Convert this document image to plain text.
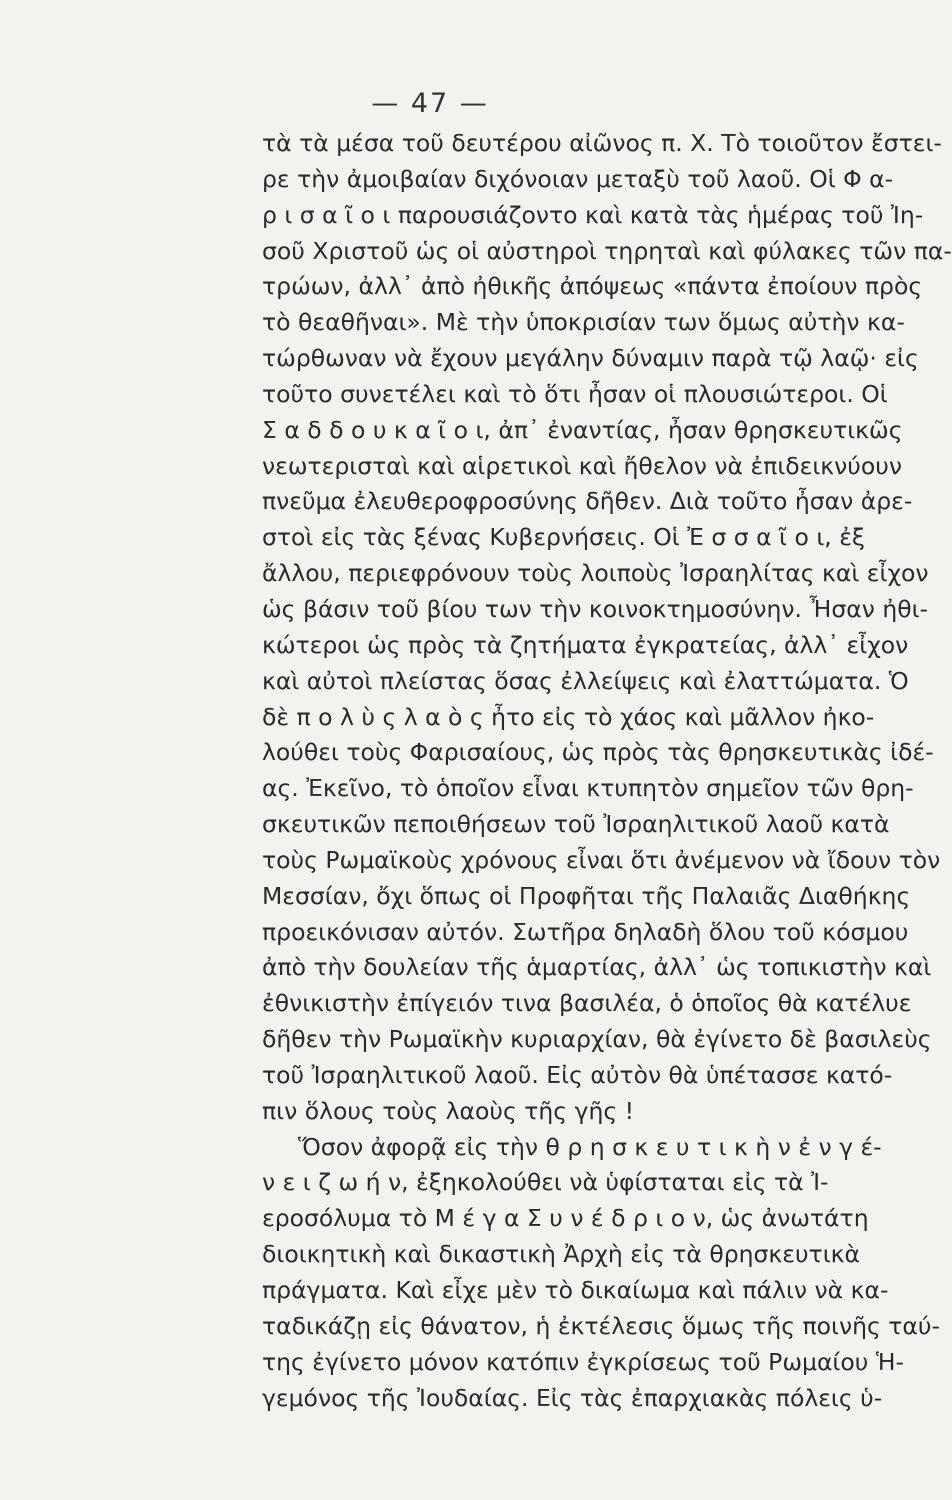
— 47 —
τὰ τὰ μέσα τοῦ δευτέρου αἰῶνος π. Χ. Τὸ τοιοῦτον ἔστει-
ρε τὴν ἀμοιβαίαν διχόνοιαν μεταξὺ τοῦ λαοῦ. Οἱ Φ α-
ρ ι σ α ῖ ο ι παρουσιάζοντο καὶ κατὰ τὰς ἡμέρας τοῦ Ἰη-
σοῦ Χριστοῦ ὡς οἱ αὐστηροὶ τηρηταὶ καὶ φύλακες τῶν πα-
τρώων, ἀλλ᾽ ἀπὸ ἠθικῆς ἀπόψεως «πάντα ἐποίουν πρὸς
τὸ θεαθῆναι». Μὲ τὴν ὑποκρισίαν των ὅμως αὐτὴν κα-
τώρθωναν νὰ ἔχουν μεγάλην δύναμιν παρὰ τῷ λαῷ· εἰς
τοῦτο συνετέλει καὶ τὸ ὅτι ἦσαν οἱ πλουσιώτεροι. Οἱ
Σ α δ δ ο υ κ α ῖ ο ι, ἀπ᾽ ἐναντίας, ἦσαν θρησκευτικῶς
νεωτερισταὶ καὶ αἱρετικοὶ καὶ ἤθελον νὰ ἐπιδεικνύουν
πνεῦμα ἐλευθεροφροσύνης δῆθεν. Διὰ τοῦτο ἦσαν ἀρε-
στοὶ εἰς τὰς ξένας Κυβερνήσεις. Οἱ Ἐ σ σ α ῖ ο ι, ἐξ
ἄλλου, περιεφρόνουν τοὺς λοιποὺς Ἰσραηλίτας καὶ εἶχον
ὡς βάσιν τοῦ βίου των τὴν κοινοκτημοσύνην. Ἦσαν ἠθι-
κώτεροι ὡς πρὸς τὰ ζητήματα ἐγκρατείας, ἀλλ᾽ εἶχον
καὶ αὐτοὶ πλείστας ὅσας ἐλλείψεις καὶ ἐλαττώματα. Ὁ
δὲ π ο λ ὺ ς λ α ὸ ς ἦτο εἰς τὸ χάος καὶ μᾶλλον ἠκο-
λούθει τοὺς Φαρισαίους, ὡς πρὸς τὰς θρησκευτικὰς ἰδέ-
ας. Ἐκεῖνο, τὸ ὁποῖον εἶναι κτυπητὸν σημεῖον τῶν θρη-
σκευτικῶν πεποιθήσεων τοῦ Ἰσραηλιτικοῦ λαοῦ κατὰ
τοὺς Ρωμαϊκοὺς χρόνους εἶναι ὅτι ἀνέμενον νὰ ἴδουν τὸν
Μεσσίαν, ὄχι ὅπως οἱ Προφῆται τῆς Παλαιᾶς Διαθήκης
προεικόνισαν αὐτόν. Σωτῆρα δηλαδὴ ὅλου τοῦ κόσμου
ἀπὸ τὴν δουλείαν τῆς ἁμαρτίας, ἀλλ᾽ ὡς τοπικιστὴν καὶ
ἐθνικιστὴν ἐπίγειόν τινα βασιλέα, ὁ ὁποῖος θὰ κατέλυε
δῆθεν τὴν Ρωμαϊκὴν κυριαρχίαν, θὰ ἐγίνετο δὲ βασιλεὺς
τοῦ Ἰσραηλιτικοῦ λαοῦ. Εἰς αὐτὸν θὰ ὑπέτασσε κατό-
πιν ὅλους τοὺς λαοὺς τῆς γῆς !
Ὅσον ἀφορᾷ εἰς τὴν θ ρ η σ κ ε υ τ ι κ ὴ ν ἐ ν γ έ-
ν ε ι ζ ω ή ν, ἐξηκολούθει νὰ ὑφίσταται εἰς τὰ Ἰ-
εροσόλυμα τὸ Μ έ γ α Σ υ ν έ δ ρ ι ο ν, ὡς ἀνωτάτη
διοικητικὴ καὶ δικαστικὴ Ἀρχὴ εἰς τὰ θρησκευτικὰ
πράγματα. Καὶ εἶχε μὲν τὸ δικαίωμα καὶ πάλιν νὰ κα-
ταδικάζῃ εἰς θάνατον, ἡ ἐκτέλεσις ὅμως τῆς ποινῆς ταύ-
της ἐγίνετο μόνον κατόπιν ἐγκρίσεως τοῦ Ρωμαίου Ἡ-
γεμόνος τῆς Ἰουδαίας. Εἰς τὰς ἐπαρχιακὰς πόλεις ὑ-
